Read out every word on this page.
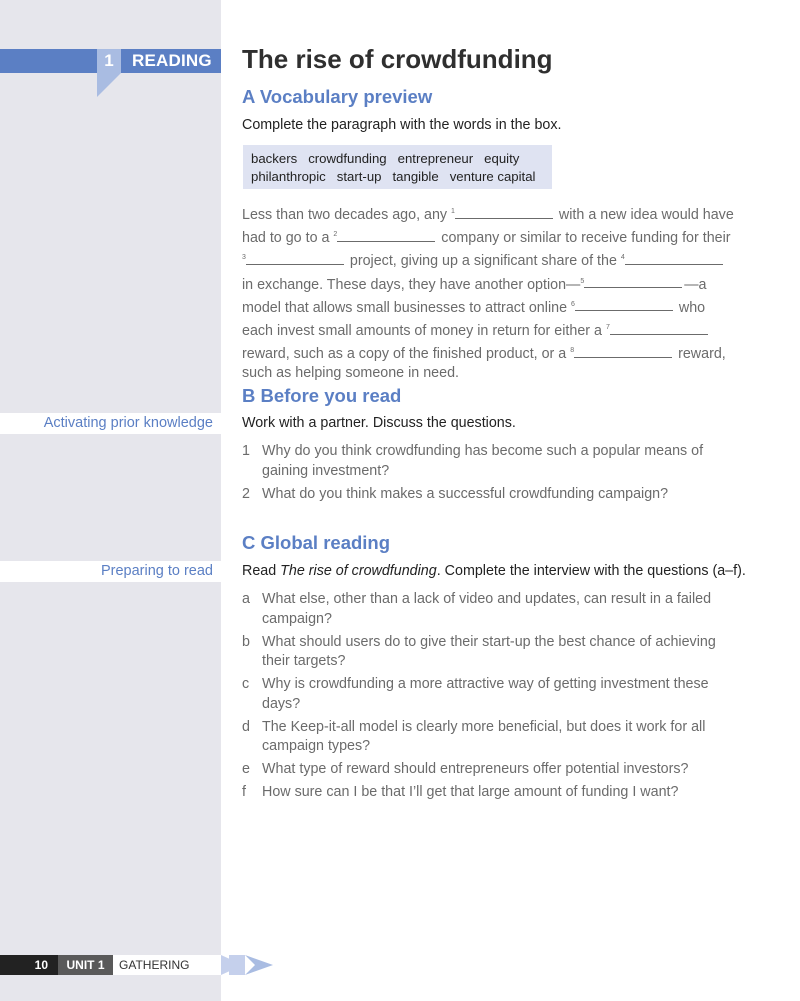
1	READING
Activating prior knowledge
Preparing to read
The rise of crowdfunding
A Vocabulary preview
Complete the paragraph with the words in the box.
backers crowdfunding entrepreneur equity
philanthropic start-up tangible venture capital
Less than two decades ago, any $^1$	with a new idea would have had to go to a $^2$	company or similar to receive funding for their $^3$	project, giving up a significant share of the $^4$ in exchange. These days, they have another option—$^5$	—a model that allows small businesses to attract online $^6$	who each invest small amounts of money in return for either a $^7$ reward, such as a copy of the finished product, or a $^8$	reward, such as helping someone in need.
B Before you read
Work with a partner. Discuss the questions.
1 Why do you think crowdfunding has become such a popular means of gaining investment?
2 What do you think makes a successful crowdfunding campaign?
C Global reading
Read The rise of crowdfunding. Complete the interview with the questions (a–f).
a What else, other than a lack of video and updates, can result in a failed campaign?
b What should users do to give their start-up the best chance of achieving their targets?
c Why is crowdfunding a more attractive way of getting investment these days?
d The Keep-it-all model is clearly more beneficial, but does it work for all campaign types?
e What type of reward should entrepreneurs offer potential investors?
f	How sure can I be that I’ll get that large amount of funding I want?
10	UNIT 1	GATHERING
